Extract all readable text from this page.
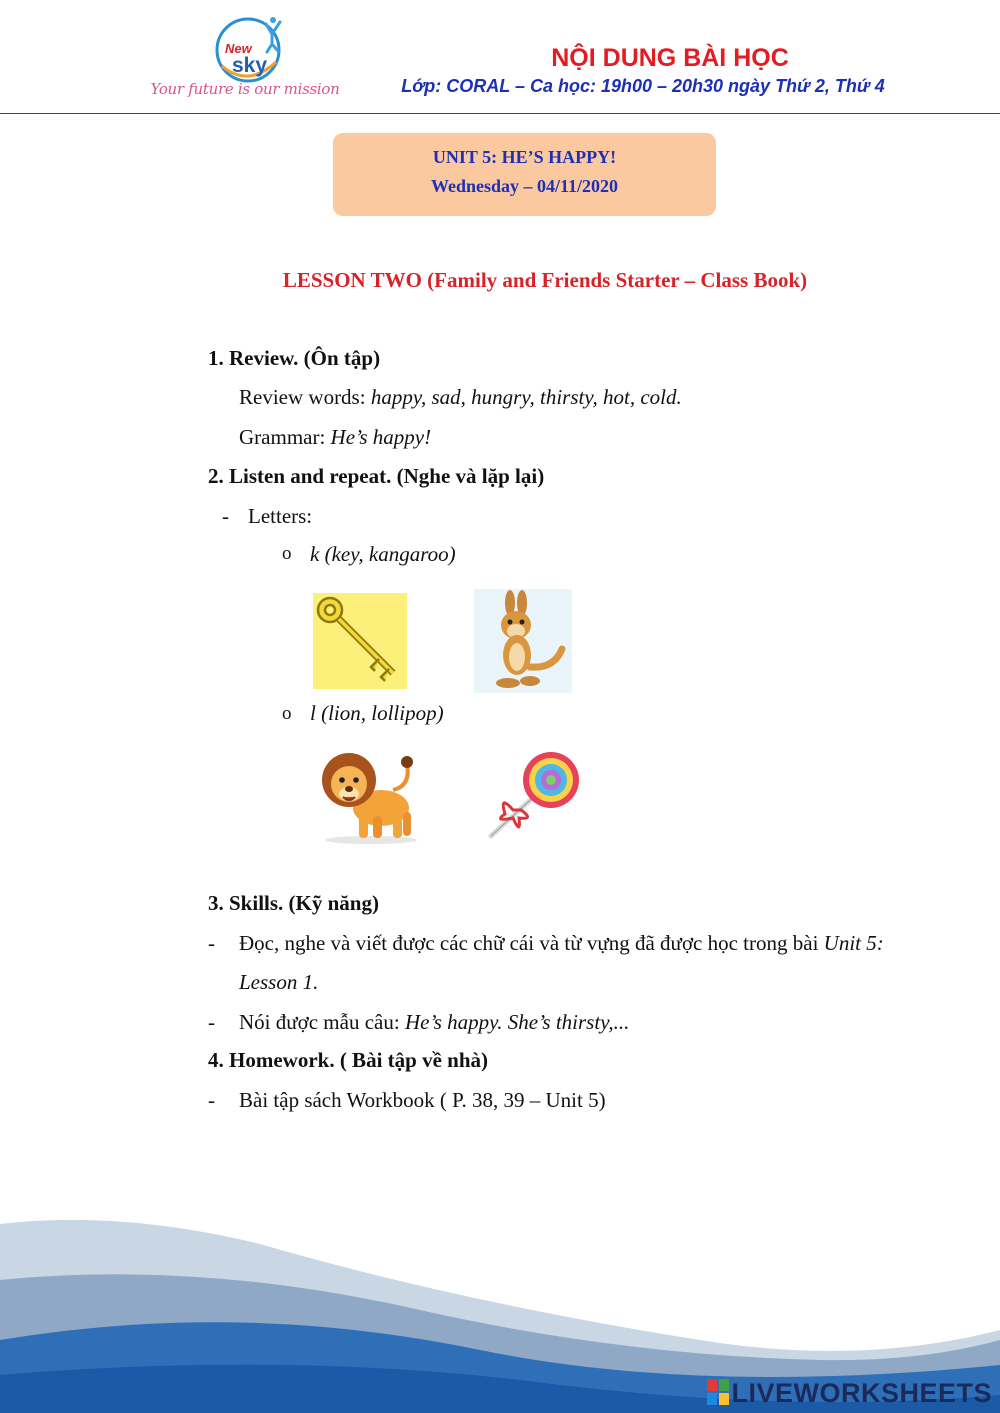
New
sky
Your future is our mission
NỘI DUNG BÀI HỌC
Lớp: CORAL – Ca học: 19h00 – 20h30 ngày Thứ 2, Thứ 4
UNIT 5: HE’S HAPPY!
Wednesday – 04/11/2020
LESSON TWO (Family and Friends Starter – Class Book)
1. Review. (Ôn tập)
Review words: happy, sad, hungry, thirsty, hot, cold.
Grammar: He’s happy!
2. Listen and repeat. (Nghe và lặp lại)
- Letters:
o k (key, kangaroo)
o l (lion, lollipop)
3. Skills. (Kỹ năng)
- Đọc, nghe và viết được các chữ cái và từ vựng đã được học trong bài Unit 5:
Lesson 1.
- Nói được mẫu câu: He’s happy. She’s thirsty,...
4. Homework. ( Bài tập về nhà)
- Bài tập sách Workbook ( P. 38, 39 – Unit 5)
LIVEWORKSHEETS
